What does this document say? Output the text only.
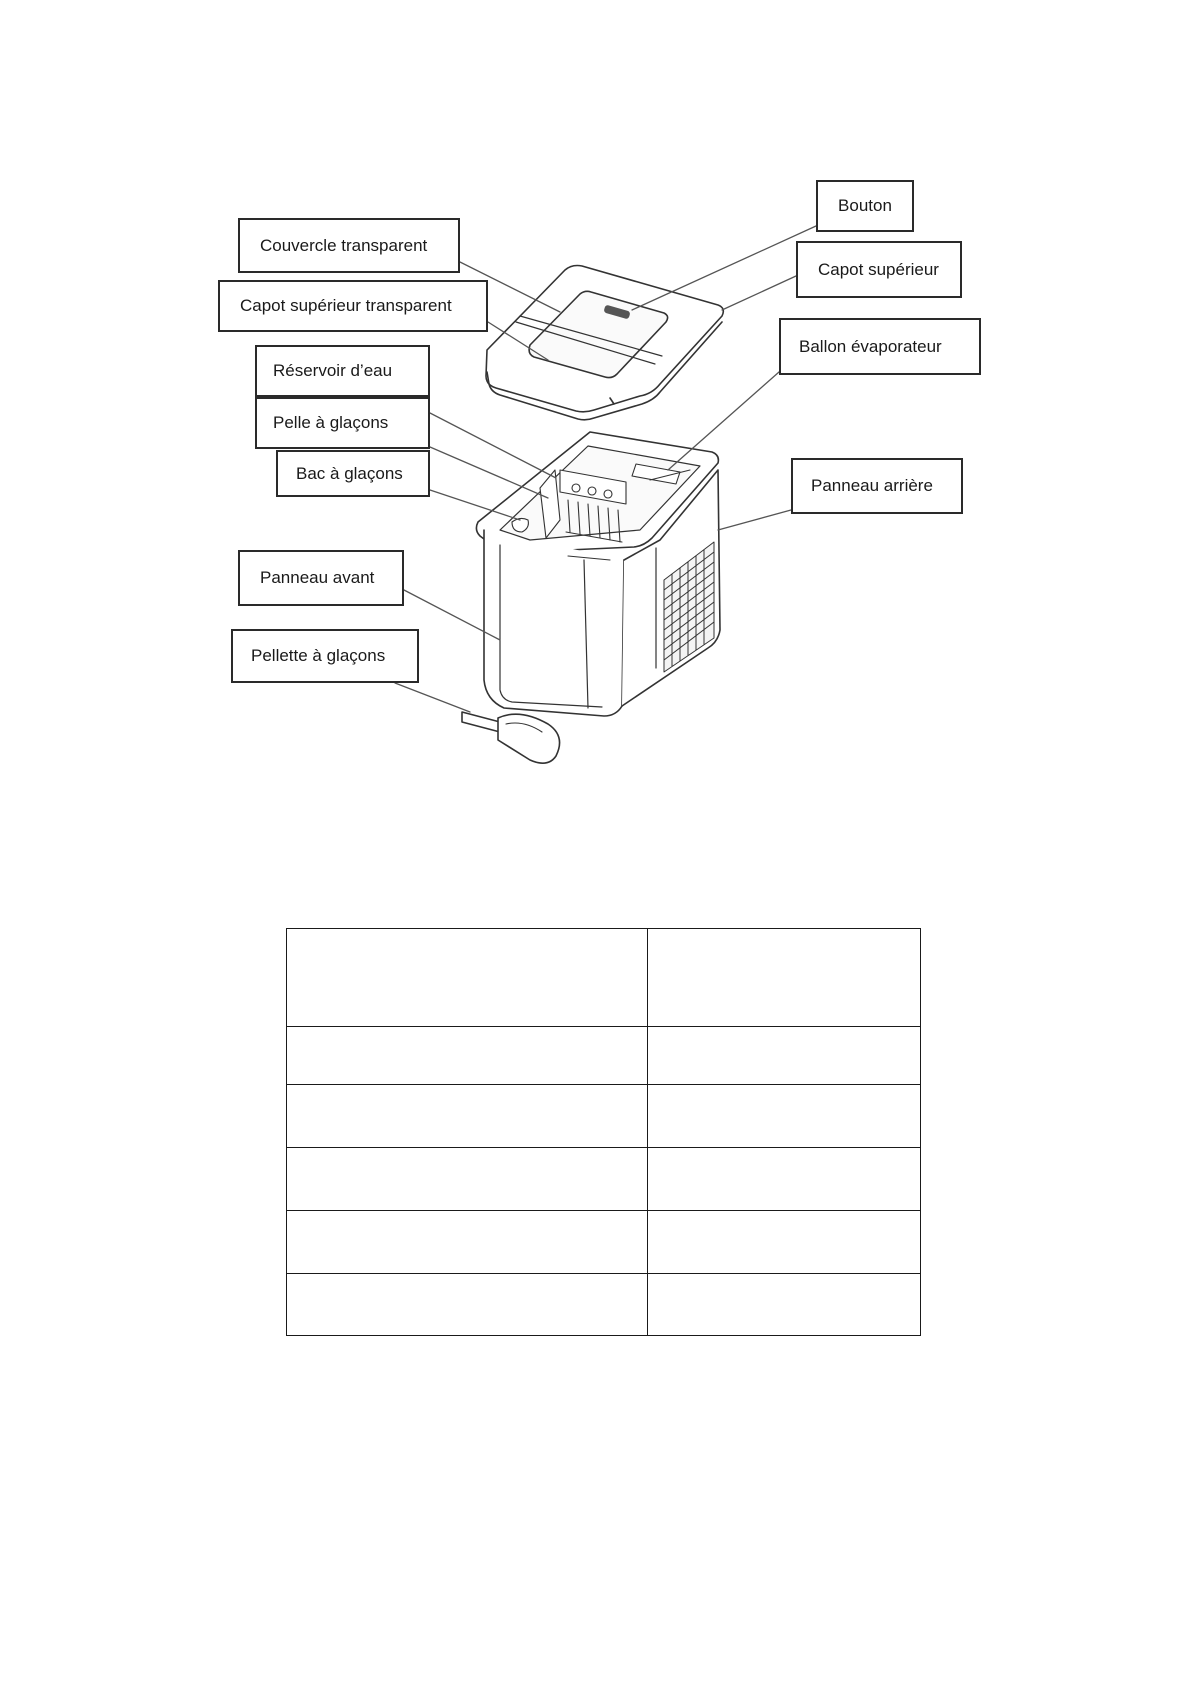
Bouton
Capot supérieur
Couvercle transparent
Capot supérieur transparent
Ballon évaporateur
Réservoir d’eau
Pelle à glaçons
Bac à glaçons
Panneau arrière
Panneau avant
Pellette à glaçons
